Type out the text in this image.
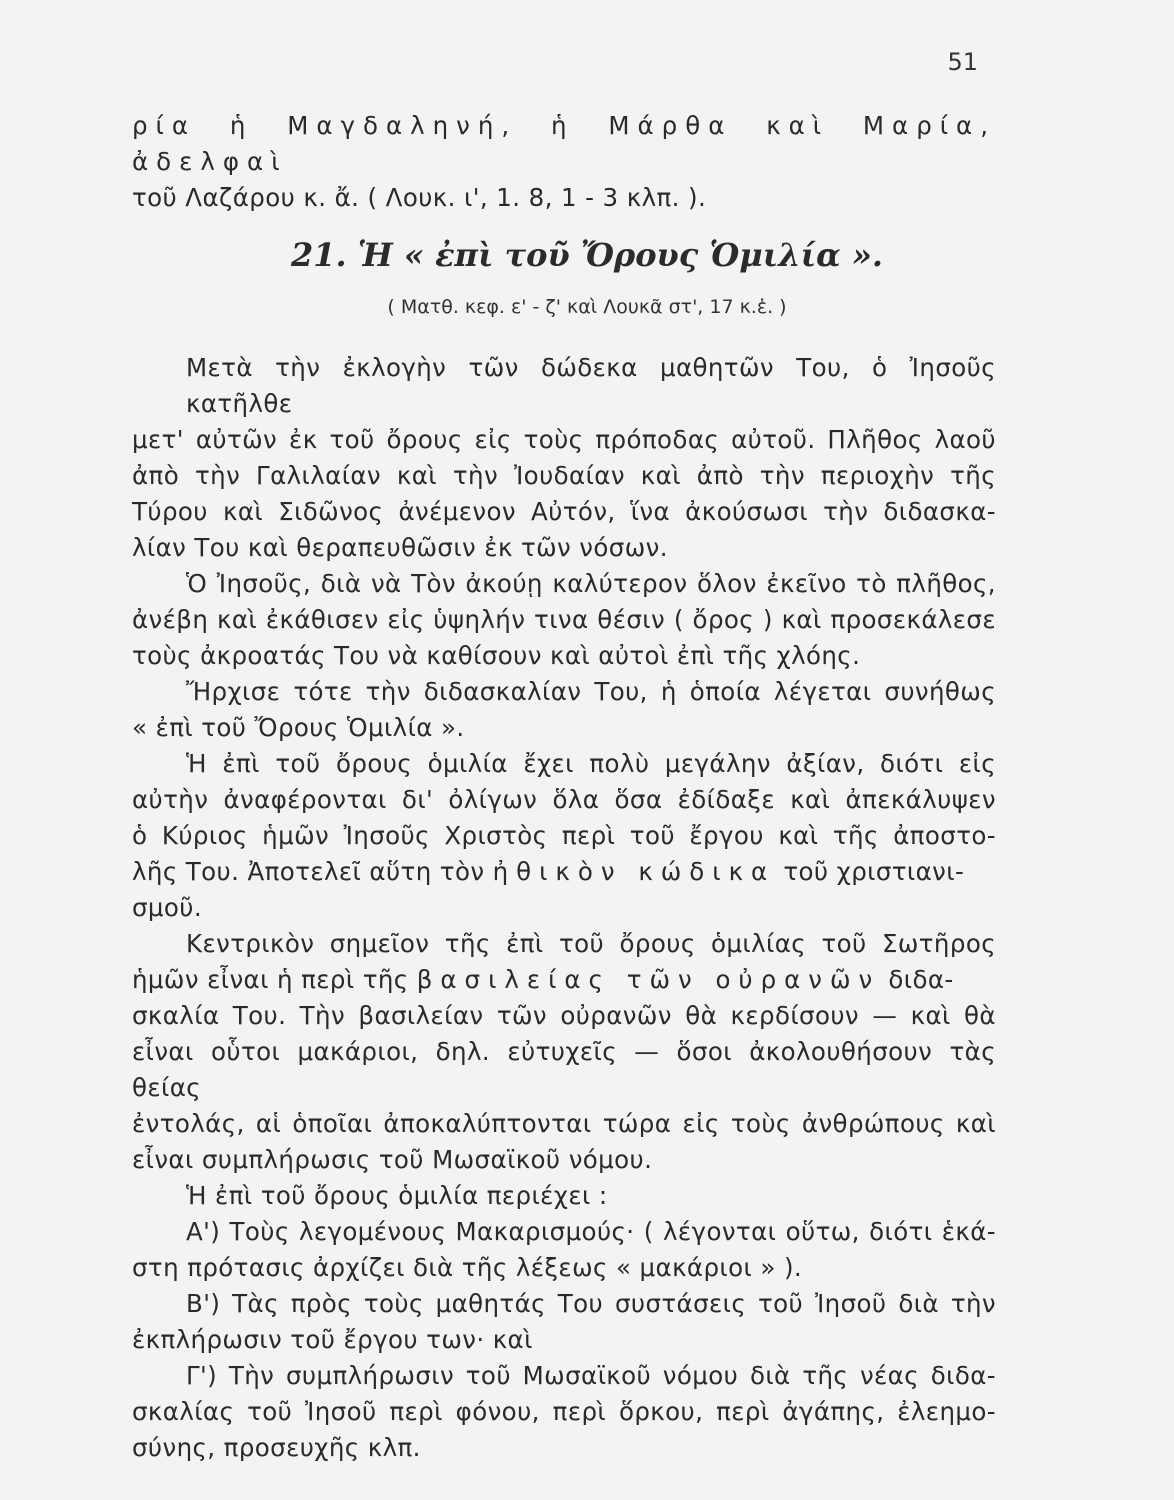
51
ρία ἡ Μαγδαληνή, ἡ Μάρθα καὶ Μαρία, ἀδελφαὶ
τοῦ Λαζάρου κ. ἄ. ( Λουκ. ι', 1. 8, 1 - 3 κλπ. ).
21. Ἡ « ἐπὶ τοῦ Ὄρους Ὁμιλία ».
( Ματθ. κεφ. ε' - ζ' καὶ Λουκᾶ στ', 17 κ.ἑ. )
Μετὰ τὴν ἐκλογὴν τῶν δώδεκα μαθητῶν Του, ὁ Ἰησοῦς κατῆλθε
μετ' αὐτῶν ἐκ τοῦ ὄρους εἰς τοὺς πρόποδας αὐτοῦ. Πλῆθος λαοῦ
ἀπὸ τὴν Γαλιλαίαν καὶ τὴν Ἰουδαίαν καὶ ἀπὸ τὴν περιοχὴν τῆς
Τύρου καὶ Σιδῶνος ἀνέμενον Αὐτόν, ἵνα ἀκούσωσι τὴν διδασκα-
λίαν Του καὶ θεραπευθῶσιν ἐκ τῶν νόσων.
Ὁ Ἰησοῦς, διὰ νὰ Τὸν ἀκούῃ καλύτερον ὅλον ἐκεῖνο τὸ πλῆθος,
ἀνέβη καὶ ἐκάθισεν εἰς ὑψηλήν τινα θέσιν ( ὄρος ) καὶ προσεκάλεσε
τοὺς ἀκροατάς Του νὰ καθίσουν καὶ αὐτοὶ ἐπὶ τῆς χλόης.
Ἤρχισε τότε τὴν διδασκαλίαν Του, ἡ ὁποία λέγεται συνήθως
« ἐπὶ τοῦ Ὄρους Ὁμιλία ».
Ἡ ἐπὶ τοῦ ὄρους ὁμιλία ἔχει πολὺ μεγάλην ἀξίαν, διότι εἰς
αὐτὴν ἀναφέρονται δι' ὀλίγων ὅλα ὅσα ἐδίδαξε καὶ ἀπεκάλυψεν
ὁ Κύριος ἡμῶν Ἰησοῦς Χριστὸς περὶ τοῦ ἔργου καὶ τῆς ἀποστο-
λῆς Του. Ἀποτελεῖ αὕτη τὸν ἠθικὸν κώδικα τοῦ χριστιανι-
σμοῦ.
Κεντρικὸν σημεῖον τῆς ἐπὶ τοῦ ὄρους ὁμιλίας τοῦ Σωτῆρος
ἡμῶν εἶναι ἡ περὶ τῆς βασιλείας τῶν οὐρανῶν διδα-
σκαλία Του. Τὴν βασιλείαν τῶν οὐρανῶν θὰ κερδίσουν — καὶ θὰ
εἶναι οὗτοι μακάριοι, δηλ. εὐτυχεῖς — ὅσοι ἀκολουθήσουν τὰς θείας
ἐντολάς, αἱ ὁποῖαι ἀποκαλύπτονται τώρα εἰς τοὺς ἀνθρώπους καὶ
εἶναι συμπλήρωσις τοῦ Μωσαϊκοῦ νόμου.
Ἡ ἐπὶ τοῦ ὄρους ὁμιλία περιέχει :
Α') Τοὺς λεγομένους Μακαρισμούς· ( λέγονται οὕτω, διότι ἑκά-
στη πρότασις ἀρχίζει διὰ τῆς λέξεως « μακάριοι » ).
Β') Τὰς πρὸς τοὺς μαθητάς Του συστάσεις τοῦ Ἰησοῦ διὰ τὴν
ἐκπλήρωσιν τοῦ ἔργου των· καὶ
Γ') Τὴν συμπλήρωσιν τοῦ Μωσαϊκοῦ νόμου διὰ τῆς νέας διδα-
σκαλίας τοῦ Ἰησοῦ περὶ φόνου, περὶ ὅρκου, περὶ ἀγάπης, ἐλεημο-
σύνης, προσευχῆς κλπ.
